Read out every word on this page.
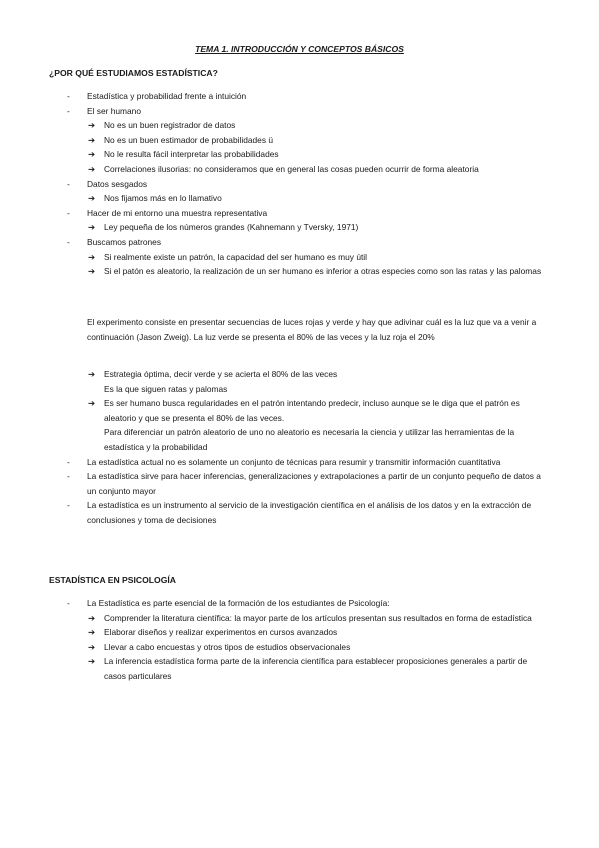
TEMA 1. INTRODUCCIÓN Y CONCEPTOS BÁSICOS
¿POR QUÉ ESTUDIAMOS ESTADÍSTICA?
- Estadística y probabilidad frente a intuición
- El ser humano
➔ No es un buen registrador de datos
➔ No es un buen estimador de probabilidades ü
➔ No le resulta fácil interpretar las probabilidades
➔ Correlaciones ilusorias: no consideramos que en general las cosas pueden ocurrir de forma aleatoria
- Datos sesgados
➔ Nos fijamos más en lo llamativo
- Hacer de mi entorno una muestra representativa
➔ Ley pequeña de los números grandes (Kahnemann y Tversky, 1971)
- Buscamos patrones
➔ Si realmente existe un patrón, la capacidad del ser humano es muy útil
➔ Si el patón es aleatorio, la realización de un ser humano es inferior a otras especies como son las ratas y las palomas
El experimento consiste en presentar secuencias de luces rojas y verde y hay que adivinar cuál es la luz que va a venir a continuación (Jason Zweig). La luz verde se presenta el 80% de las veces y la luz roja el 20%
➔ Estrategia óptima, decir verde y se acierta el 80% de las veces
Es la que siguen ratas y palomas
➔ Es ser humano busca regularidades en el patrón intentando predecir, incluso aunque se le diga que el patrón es aleatorio y que se presenta el 80% de las veces.
Para diferenciar un patrón aleatorio de uno no aleatorio es necesaria la ciencia y utilizar las herramientas de la estadística y la probabilidad
- La estadística actual no es solamente un conjunto de técnicas para resumir y transmitir información cuantitativa
- La estadística sirve para hacer inferencias, generalizaciones y extrapolaciones a partir de un conjunto pequeño de datos a un conjunto mayor
- La estadística es un instrumento al servicio de la investigación científica en el análisis de los datos y en la extracción de conclusiones y toma de decisiones
ESTADÍSTICA EN PSICOLOGÍA
- La Estadística es parte esencial de la formación de los estudiantes de Psicología:
➔ Comprender la literatura científica: la mayor parte de los artículos presentan sus resultados en forma de estadística
➔ Elaborar diseños y realizar experimentos en cursos avanzados
➔ Llevar a cabo encuestas y otros tipos de estudios observacionales
➔ La inferencia estadística forma parte de la inferencia científica para establecer proposiciones generales a partir de casos particulares
